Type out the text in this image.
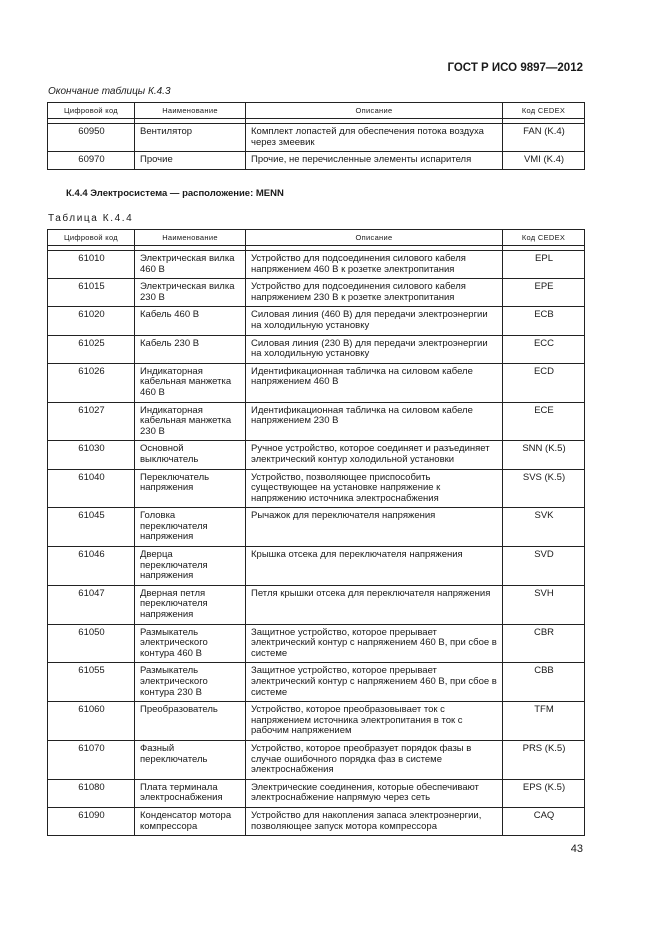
ГОСТ Р ИСО 9897—2012
Окончание таблицы К.4.3
Цифровой код	Наименование	Описание	Код CEDEX

60950	Вентилятор	Комплект лопастей для обеспечения потока воздуха через змеевик	FAN (K.4)
60970	Прочие	Прочие, не перечисленные элементы испарителя	VMI (K.4)
К.4.4 Электросистема — расположение: MENN
Таблица К.4.4
Цифровой код	Наименование	Описание	Код CEDEX

61010	Электрическая вилка 460 В	Устройство для подсоединения силового кабеля напряжением 460 В к розетке электропитания	EPL
61015	Электрическая вилка 230 В	Устройство для подсоединения силового кабеля напряжением 230 В к розетке электропитания	EPE
61020	Кабель 460 В	Силовая линия (460 В) для передачи электроэнергии на холодильную установку	ECB
61025	Кабель 230 В	Силовая линия (230 В) для передачи электроэнергии на холодильную установку	ECC
61026	Индикаторная кабельная манжетка 460 В	Идентификационная табличка на силовом кабеле напряжением 460 В	ECD
61027	Индикаторная кабельная манжетка 230 В	Идентификационная табличка на силовом кабеле напряжением 230 В	ECE
61030	Основной выключатель	Ручное устройство, которое соединяет и разъединяет электрический контур холодильной установки	SNN (K.5)
61040	Переключатель напряжения	Устройство, позволяющее приспособить существующее на установке напряжение к напряжению источника электроснабжения	SVS (K.5)
61045	Головка переключателя напряжения	Рычажок для переключателя напряжения	SVK
61046	Дверца переключателя напряжения	Крышка отсека для переключателя напряжения	SVD
61047	Дверная петля переключателя напряжения	Петля крышки отсека для переключателя напряжения	SVH
61050	Размыкатель электрического контура 460 В	Защитное устройство, которое прерывает электрический контур с напряжением 460 В, при сбое в системе	CBR
61055	Размыкатель электрического контура 230 В	Защитное устройство, которое прерывает электрический контур с напряжением 460 В, при сбое в системе	CBB
61060	Преобразователь	Устройство, которое преобразовывает ток с напряжением источника электропитания в ток с рабочим напряжением	TFM
61070	Фазный переключатель	Устройство, которое преобразует порядок фазы в случае ошибочного порядка фаз в системе электроснабжения	PRS (K.5)
61080	Плата терминала электроснабжения	Электрические соединения, которые обеспечивают электроснабжение напрямую через сеть	EPS (K.5)
61090	Конденсатор мотора компрессора	Устройство для накопления запаса электроэнергии, позволяющее запуск мотора компрессора	CAQ
43
